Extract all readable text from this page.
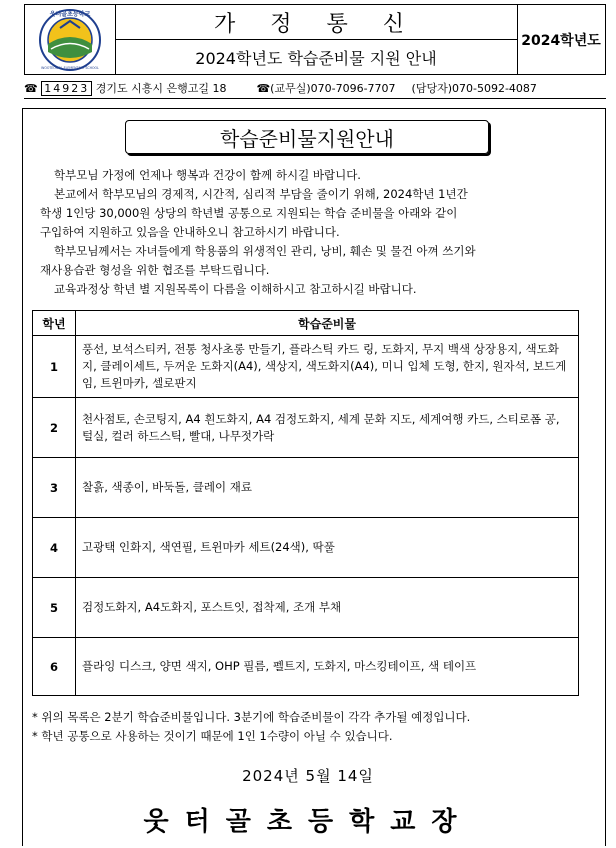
웃터골초등학교
WOOTEOGOL ELEMENTARY SCHOOL
가 정 통 신
2024학년도 학습준비물 지원 안내
2024학년도
☎ 14923 경기도 시흥시 은행고길 18	☎(교무실)070-7096-7707 (담당자)070-5092-4087
학습준비물지원안내

학부모님 가정에 언제나 행복과 건강이 함께 하시길 바랍니다.

본교에서 학부모님의 경제적, 시간적, 심리적 부담을 줄이기 위해, 2024학년 1년간

학생 1인당 30,000원 상당의 학년별 공통으로 지원되는 학습 준비물을 아래와 같이

구입하여 지원하고 있음을 안내하오니 참고하시기 바랍니다.

학부모님께서는 자녀들에게 학용품의 위생적인 관리, 낭비, 훼손 및 물건 아껴 쓰기와

재사용습관 형성을 위한 협조를 부탁드립니다.

교육과정상 학년 별 지원목록이 다름을 이해하시고 참고하시길 바랍니다.

학년	학습준비물
1	풍선, 보석스티커, 전통 청사초롱 만들기, 플라스틱 카드 링, 도화지, 무지 백색 상장용지, 색도화지, 클레이세트, 두꺼운 도화지(A4), 색상지, 색도화지(A4), 미니 입체 도형, 한지, 원자석, 보드게임, 트윈마카, 셀로판지
2	천사점토, 손코팅지, A4 흰도화지, A4 검정도화지, 세계 문화 지도, 세계여행 카드, 스티로폼 공, 털실, 컬러 하드스틱, 빨대, 나무젓가락
3	찰흙, 색종이, 바둑돌, 클레이 재료
4	고광택 인화지, 색연필, 트윈마카 세트(24색), 딱풀
5	검정도화지, A4도화지, 포스트잇, 접착제, 조개 부채
6	플라잉 디스크, 양면 색지, OHP 필름, 펠트지, 도화지, 마스킹테이프, 색 테이프

* 위의 목록은 2분기 학습준비물입니다. 3분기에 학습준비물이 각각 추가될 예정입니다.

* 학년 공통으로 사용하는 것이기 때문에 1인 1수량이 아닐 수 있습니다.

2024년 5월 14일
웃터골초등학교장
